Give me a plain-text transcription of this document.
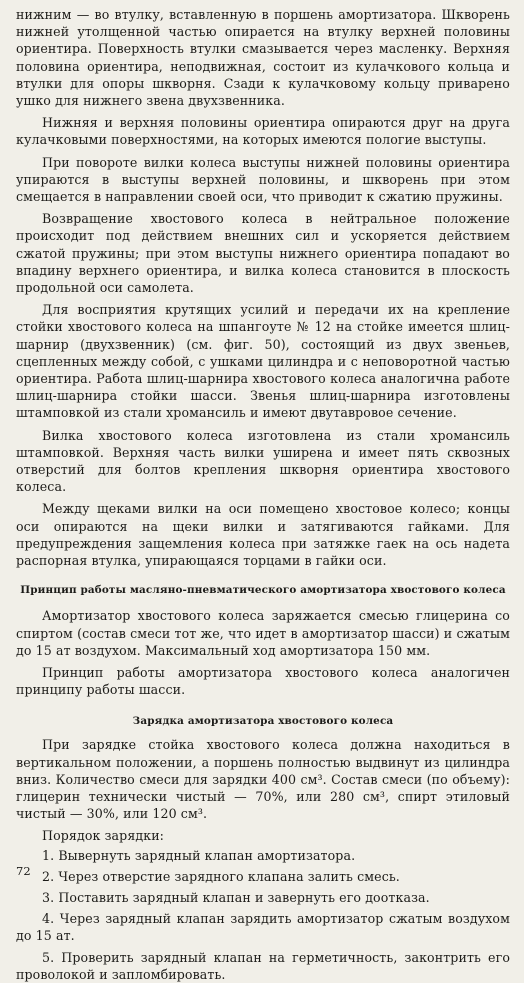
нижним — во втулку, вставленную в поршень амортизатора. Шкворень нижней утолщенной частью опирается на втулку верхней половины ориентира. Поверхность втулки смазывается через масленку. Верхняя половина ориентира, неподвижная, состоит из кулачкового кольца и втулки для опоры шкворня. Сзади к кулачковому кольцу приварено ушко для нижнего звена двухзвенника.

Нижняя и верхняя половины ориентира опираются друг на друга кулачковыми поверхностями, на которых имеются пологие выступы.

При повороте вилки колеса выступы нижней половины ориентира упираются в выступы верхней половины, и шкворень при этом смещается в направлении своей оси, что приводит к сжатию пружины.

Возвращение хвостового колеса в нейтральное положение происходит под действием внешних сил и ускоряется действием сжатой пружины; при этом выступы нижнего ориентира попадают во впадину верхнего ориентира, и вилка колеса становится в плоскость продольной оси самолета.

Для восприятия крутящих усилий и передачи их на крепление стойки хвостового колеса на шпангоуте № 12 на стойке имеется шлиц-шарнир (двухзвенник) (см. фиг. 50), состоящий из двух звеньев, сцепленных между собой, с ушками цилиндра и с неповоротной частью ориентира. Работа шлиц-шарнира хвостового колеса аналогична работе шлиц-шарнира стойки шасси. Звенья шлиц-шарнира изготовлены штамповкой из стали хромансиль и имеют двутавровое сечение.

Вилка хвостового колеса изготовлена из стали хромансиль штамповкой. Верхняя часть вилки уширена и имеет пять сквозных отверстий для болтов крепления шкворня ориентира хвостового колеса.

Между щеками вилки на оси помещено хвостовое колесо; концы оси опираются на щеки вилки и затягиваются гайками. Для предупреждения защемления колеса при затяжке гаек на ось надета распорная втулка, упирающаяся торцами в гайки оси.

Принцип работы масляно-пневматического амортизатора хвостового колеса

Амортизатор хвостового колеса заряжается смесью глицерина со спиртом (состав смеси тот же, что идет в амортизатор шасси) и сжатым до 15 ат воздухом. Максимальный ход амортизатора 150 мм.

Принцип работы амортизатора хвостового колеса аналогичен принципу работы шасси.

Зарядка амортизатора хвостового колеса

При зарядке стойка хвостового колеса должна находиться в вертикальном положении, а поршень полностью выдвинут из цилиндра вниз. Количество смеси для зарядки 400 см³. Состав смеси (по объему): глицерин технически чистый — 70%, или 280 см³, спирт этиловый чистый — 30%, или 120 см³.

Порядок зарядки:

1. Вывернуть зарядный клапан амортизатора.

2. Через отверстие зарядного клапана залить смесь.

3. Поставить зарядный клапан и завернуть его доотказа.

4. Через зарядный клапан зарядить амортизатор сжатым воздухом до 15 ат.

5. Проверить зарядный клапан на герметичность, законтрить его проволокой и запломбировать.

72
